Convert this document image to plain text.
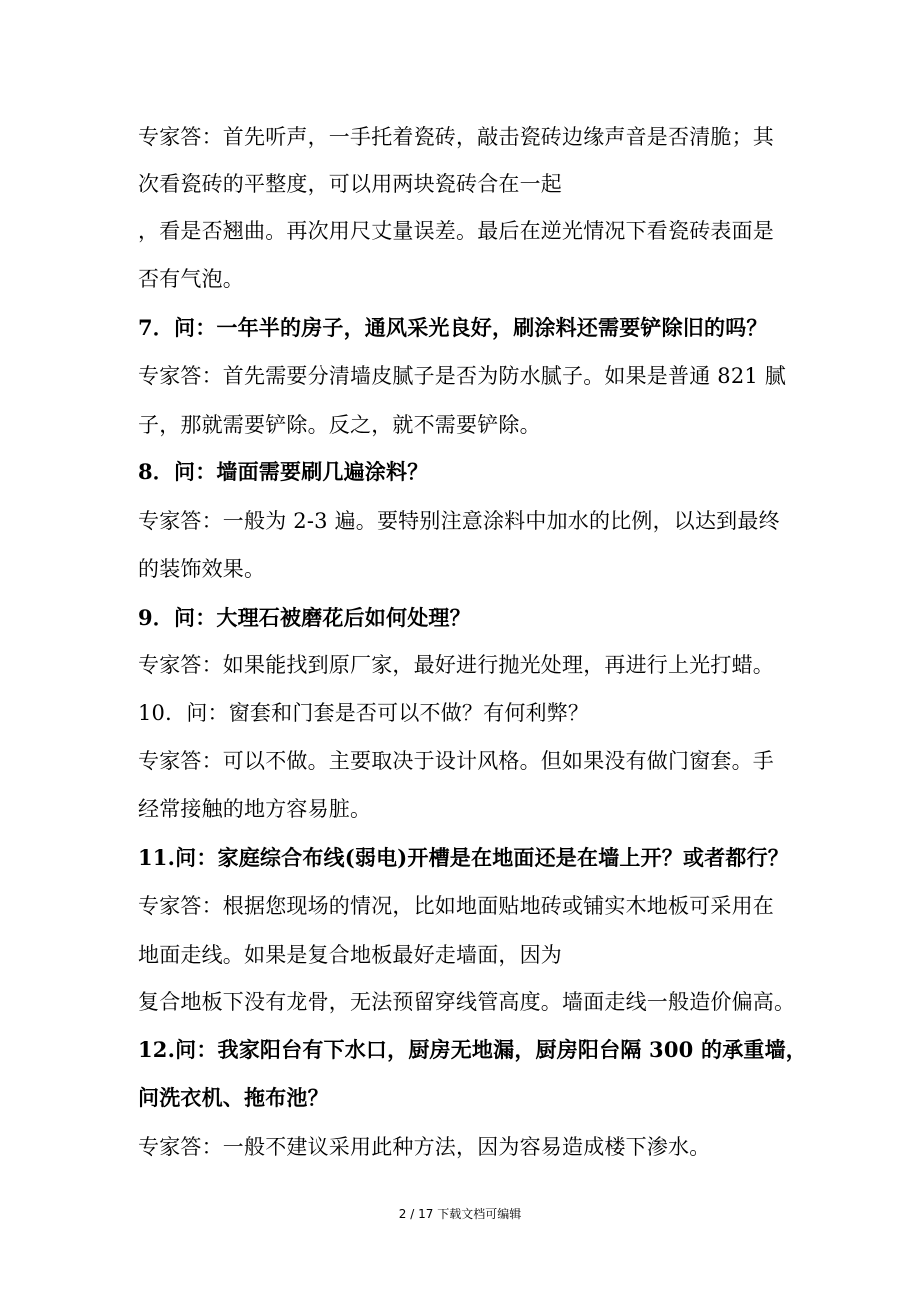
专家答：首先听声，一手托着瓷砖，敲击瓷砖边缘声音是否清脆；其
次看瓷砖的平整度，可以用两块瓷砖合在一起
，看是否翘曲。再次用尺丈量误差。最后在逆光情况下看瓷砖表面是
否有气泡。
7．问：一年半的房子，通风采光良好，刷涂料还需要铲除旧的吗？
专家答：首先需要分清墙皮腻子是否为防水腻子。如果是普通 821 腻
子，那就需要铲除。反之，就不需要铲除。
8．问：墙面需要刷几遍涂料？
专家答：一般为 2-3 遍。要特别注意涂料中加水的比例，以达到最终
的装饰效果。
9．问：大理石被磨花后如何处理？
专家答：如果能找到原厂家，最好进行抛光处理，再进行上光打蜡。
10．问：窗套和门套是否可以不做？有何利弊？
专家答：可以不做。主要取决于设计风格。但如果没有做门窗套。手
经常接触的地方容易脏。
11.问：家庭综合布线(弱电)开槽是在地面还是在墙上开？或者都行？
专家答：根据您现场的情况，比如地面贴地砖或铺实木地板可采用在
地面走线。如果是复合地板最好走墙面，因为
复合地板下没有龙骨，无法预留穿线管高度。墙面走线一般造价偏高。
12.问：我家阳台有下水口，厨房无地漏，厨房阳台隔 300 的承重墙，
问洗衣机、拖布池？
专家答：一般不建议采用此种方法，因为容易造成楼下渗水。
2 / 17 下载文档可编辑
